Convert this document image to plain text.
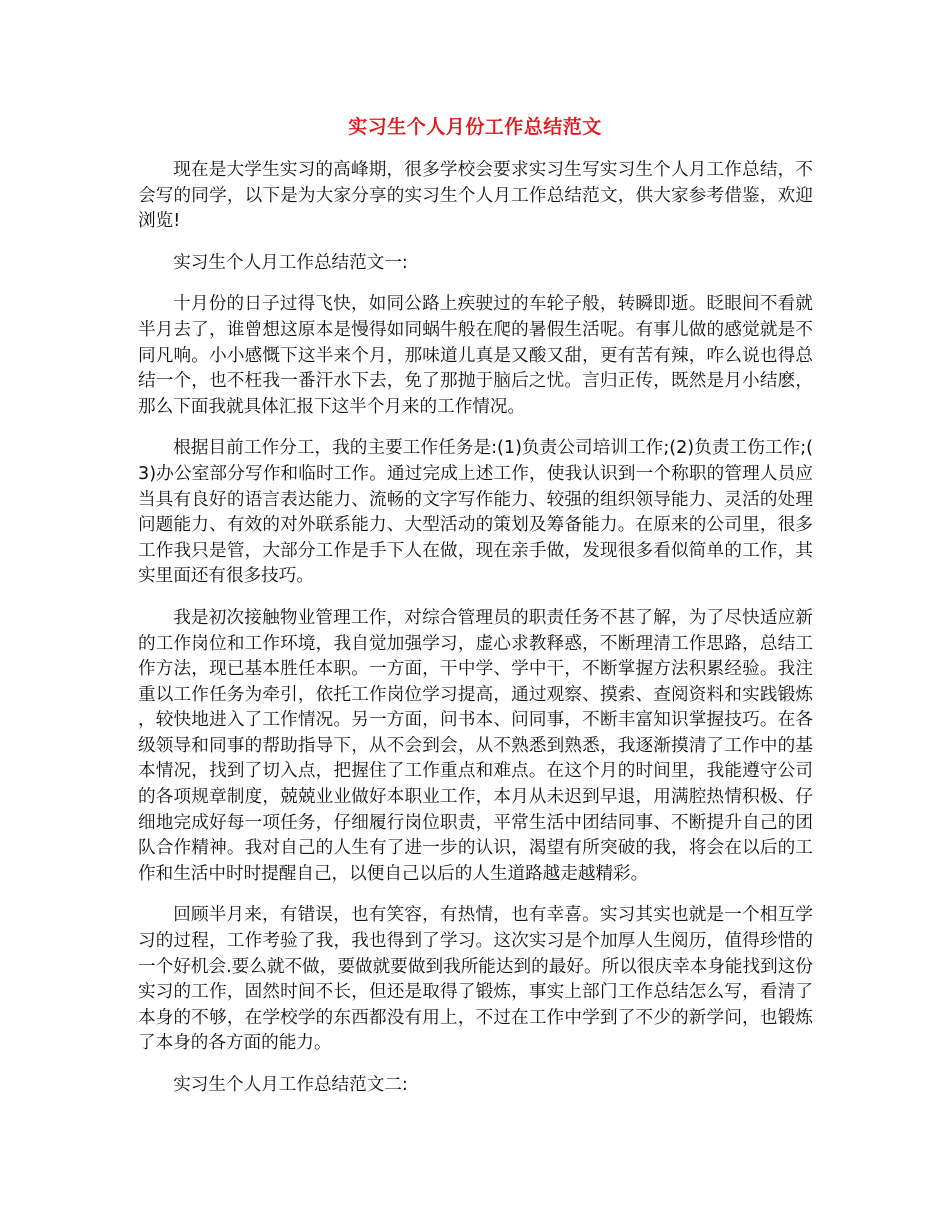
实习生个人月份工作总结范文

现在是大学生实习的高峰期，很多学校会要求实习生写实习生个人月工作总结，不会写的同学，以下是为大家分享的实习生个人月工作总结范文，供大家参考借鉴，欢迎浏览!

实习生个人月工作总结范文一:

十月份的日子过得飞快，如同公路上疾驶过的车轮子般，转瞬即逝。眨眼间不看就半月去了，谁曾想这原本是慢得如同蜗牛般在爬的暑假生活呢。有事儿做的感觉就是不同凡响。小小感慨下这半来个月，那味道儿真是又酸又甜，更有苦有辣，咋么说也得总结一个，也不枉我一番汗水下去，免了那抛于脑后之忧。言归正传，既然是月小结麽，那么下面我就具体汇报下这半个月来的工作情况。

根据目前工作分工，我的主要工作任务是:(1)负责公司培训工作;(2)负责工伤工作;(3)办公室部分写作和临时工作。通过完成上述工作，使我认识到一个称职的管理人员应当具有良好的语言表达能力、流畅的文字写作能力、较强的组织领导能力、灵活的处理问题能力、有效的对外联系能力、大型活动的策划及筹备能力。在原来的公司里，很多工作我只是管，大部分工作是手下人在做，现在亲手做，发现很多看似简单的工作，其实里面还有很多技巧。

我是初次接触物业管理工作，对综合管理员的职责任务不甚了解，为了尽快适应新的工作岗位和工作环境，我自觉加强学习，虚心求教释惑，不断理清工作思路，总结工作方法，现已基本胜任本职。一方面，干中学、学中干，不断掌握方法积累经验。我注重以工作任务为牵引，依托工作岗位学习提高，通过观察、摸索、查阅资料和实践锻炼，较快地进入了工作情况。另一方面，问书本、问同事，不断丰富知识掌握技巧。在各级领导和同事的帮助指导下，从不会到会，从不熟悉到熟悉，我逐渐摸清了工作中的基本情况，找到了切入点，把握住了工作重点和难点。在这个月的时间里，我能遵守公司的各项规章制度，兢兢业业做好本职业工作，本月从未迟到早退，用满腔热情积极、仔细地完成好每一项任务，仔细履行岗位职责，平常生活中团结同事、不断提升自己的团队合作精神。我对自己的人生有了进一步的认识，渴望有所突破的我，将会在以后的工作和生活中时时提醒自己，以便自己以后的人生道路越走越精彩。

回顾半月来，有错误，也有笑容，有热情，也有幸喜。实习其实也就是一个相互学习的过程，工作考验了我，我也得到了学习。这次实习是个加厚人生阅历，值得珍惜的一个好机会.要么就不做，要做就要做到我所能达到的最好。所以很庆幸本身能找到这份实习的工作，固然时间不长，但还是取得了锻炼，事实上部门工作总结怎么写，看清了本身的不够，在学校学的东西都没有用上，不过在工作中学到了不少的新学问，也锻炼了本身的各方面的能力。

实习生个人月工作总结范文二:
